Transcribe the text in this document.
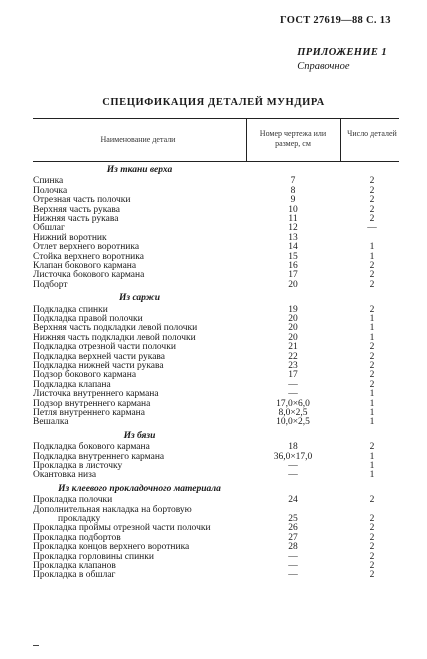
ГОСТ 27619—88 С. 13
ПРИЛОЖЕНИЕ 1
Справочное
СПЕЦИФИКАЦИЯ ДЕТАЛЕЙ МУНДИРА
Наименование детали
Номер чертежа или размер, см
Число деталей
Из ткани верха
Спинка	7	2
Полочка	8	2
Отрезная часть полочки	9	2
Верхняя часть рукава	10	2
Нижняя часть рукава	11	2
Обшлаг	12	—
Нижний воротник	13
Отлет верхнего воротника	14	1
Стойка верхнего воротника	15	1
Клапан бокового кармана	16	2
Листочка бокового кармана	17	2
Подборт	20	2
Из саржи
Подкладка спинки	19	2
Подкладка правой полочки	20	1
Верхняя часть подкладки левой полочки	20	1
Нижняя часть подкладки левой полочки	20	1
Подкладка отрезной части полочки	21	2
Подкладка верхней части рукава	22	2
Подкладка нижней части рукава	23	2
Подзор бокового кармана	17	2
Подкладка клапана	—	2
Листочка внутреннего кармана	—	1
Подзор внутреннего кармана	17,0×6,0	1
Петля внутреннего кармана	8,0×2,5	1
Вешалка	10,0×2,5	1
Из бязи
Подкладка бокового кармана	18	2
Подкладка внутреннего кармана	36,0×17,0	1
Прокладка в листочку	—	1
Окантовка низа	—	1
Из клеевого прокладочного материала
Прокладка полочки	24	2
Дополнительная накладка на бортовую
прокладку	25	2
Прокладка проймы отрезной части полочки	26	2
Прокладка подбортов	27	2
Прокладка концов верхнего воротника	28	2
Прокладка горловины спинки	—	2
Прокладка клапанов	—	2
Прокладка в обшлаг	—	2
